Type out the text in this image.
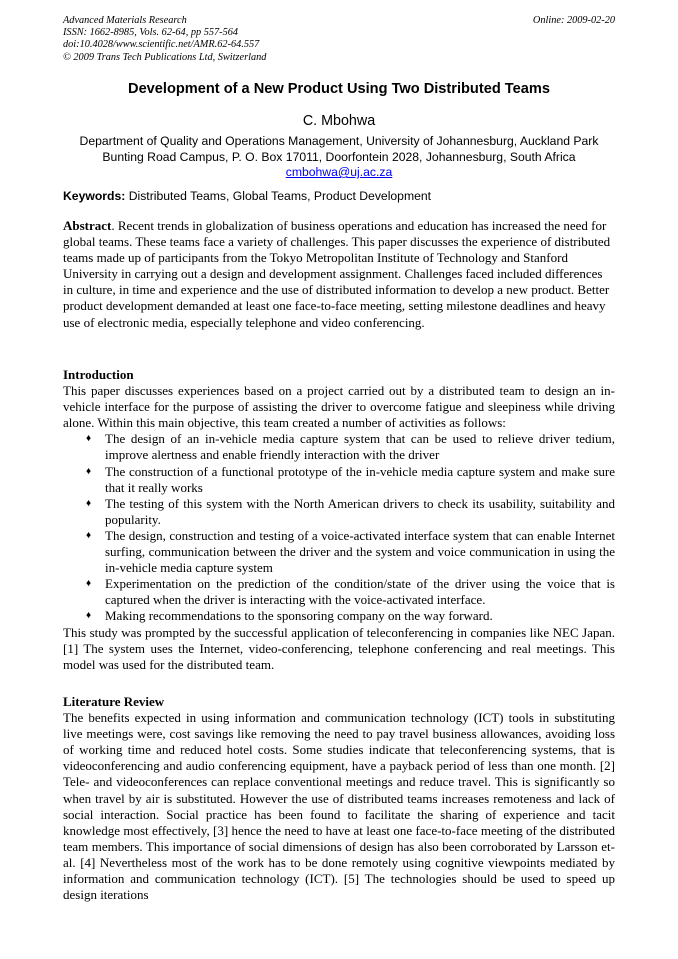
Advanced Materials Research
ISSN: 1662-8985, Vols. 62-64, pp 557-564
doi:10.4028/www.scientific.net/AMR.62-64.557
© 2009 Trans Tech Publications Ltd, Switzerland
Online: 2009-02-20
Development of a New Product Using Two Distributed Teams
C. Mbohwa
Department of Quality and Operations Management, University of Johannesburg, Auckland Park
Bunting Road Campus, P. O. Box 17011, Doorfontein 2028, Johannesburg, South Africa
cmbohwa@uj.ac.za
Keywords: Distributed Teams, Global Teams, Product Development

Abstract. Recent trends in globalization of business operations and education has increased the need for global teams. These teams face a variety of challenges. This paper discusses the experience of distributed teams made up of participants from the Tokyo Metropolitan Institute of Technology and Stanford University in carrying out a design and development assignment. Challenges faced included differences in culture, in time and experience and the use of distributed information to develop a new product. Better product development demanded at least one face-to-face meeting, setting milestone deadlines and heavy use of electronic media, especially telephone and video conferencing.

Introduction

This paper discusses experiences based on a project carried out by a distributed team to design an in-vehicle interface for the purpose of assisting the driver to overcome fatigue and sleepiness while driving alone. Within this main objective, this team created a number of activities as follows:

♦ The design of an in-vehicle media capture system that can be used to relieve driver tedium, improve alertness and enable friendly interaction with the driver
♦ The construction of a functional prototype of the in-vehicle media capture system and make sure that it really works
♦ The testing of this system with the North American drivers to check its usability, suitability and popularity.
♦ The design, construction and testing of a voice-activated interface system that can enable Internet surfing, communication between the driver and the system and voice communication in using the in-vehicle media capture system
♦ Experimentation on the prediction of the condition/state of the driver using the voice that is captured when the driver is interacting with the voice-activated interface.
♦ Making recommendations to the sponsoring company on the way forward.

This study was prompted by the successful application of teleconferencing in companies like NEC Japan. [1] The system uses the Internet, video-conferencing, telephone conferencing and real meetings. This model was used for the distributed team.

Literature Review

The benefits expected in using information and communication technology (ICT) tools in substituting live meetings were, cost savings like removing the need to pay travel business allowances, avoiding loss of working time and reduced hotel costs. Some studies indicate that teleconferencing systems, that is videoconferencing and audio conferencing equipment, have a payback period of less than one month. [2] Tele- and videoconferences can replace conventional meetings and reduce travel. This is significantly so when travel by air is substituted. However the use of distributed teams increases remoteness and lack of social interaction. Social practice has been found to facilitate the sharing of experience and tacit knowledge most effectively, [3] hence the need to have at least one face-to-face meeting of the distributed team members. This importance of social dimensions of design has also been corroborated by Larsson et-al. [4] Nevertheless most of the work has to be done remotely using cognitive viewpoints mediated by information and communication technology (ICT). [5] The technologies should be used to speed up design iterations
